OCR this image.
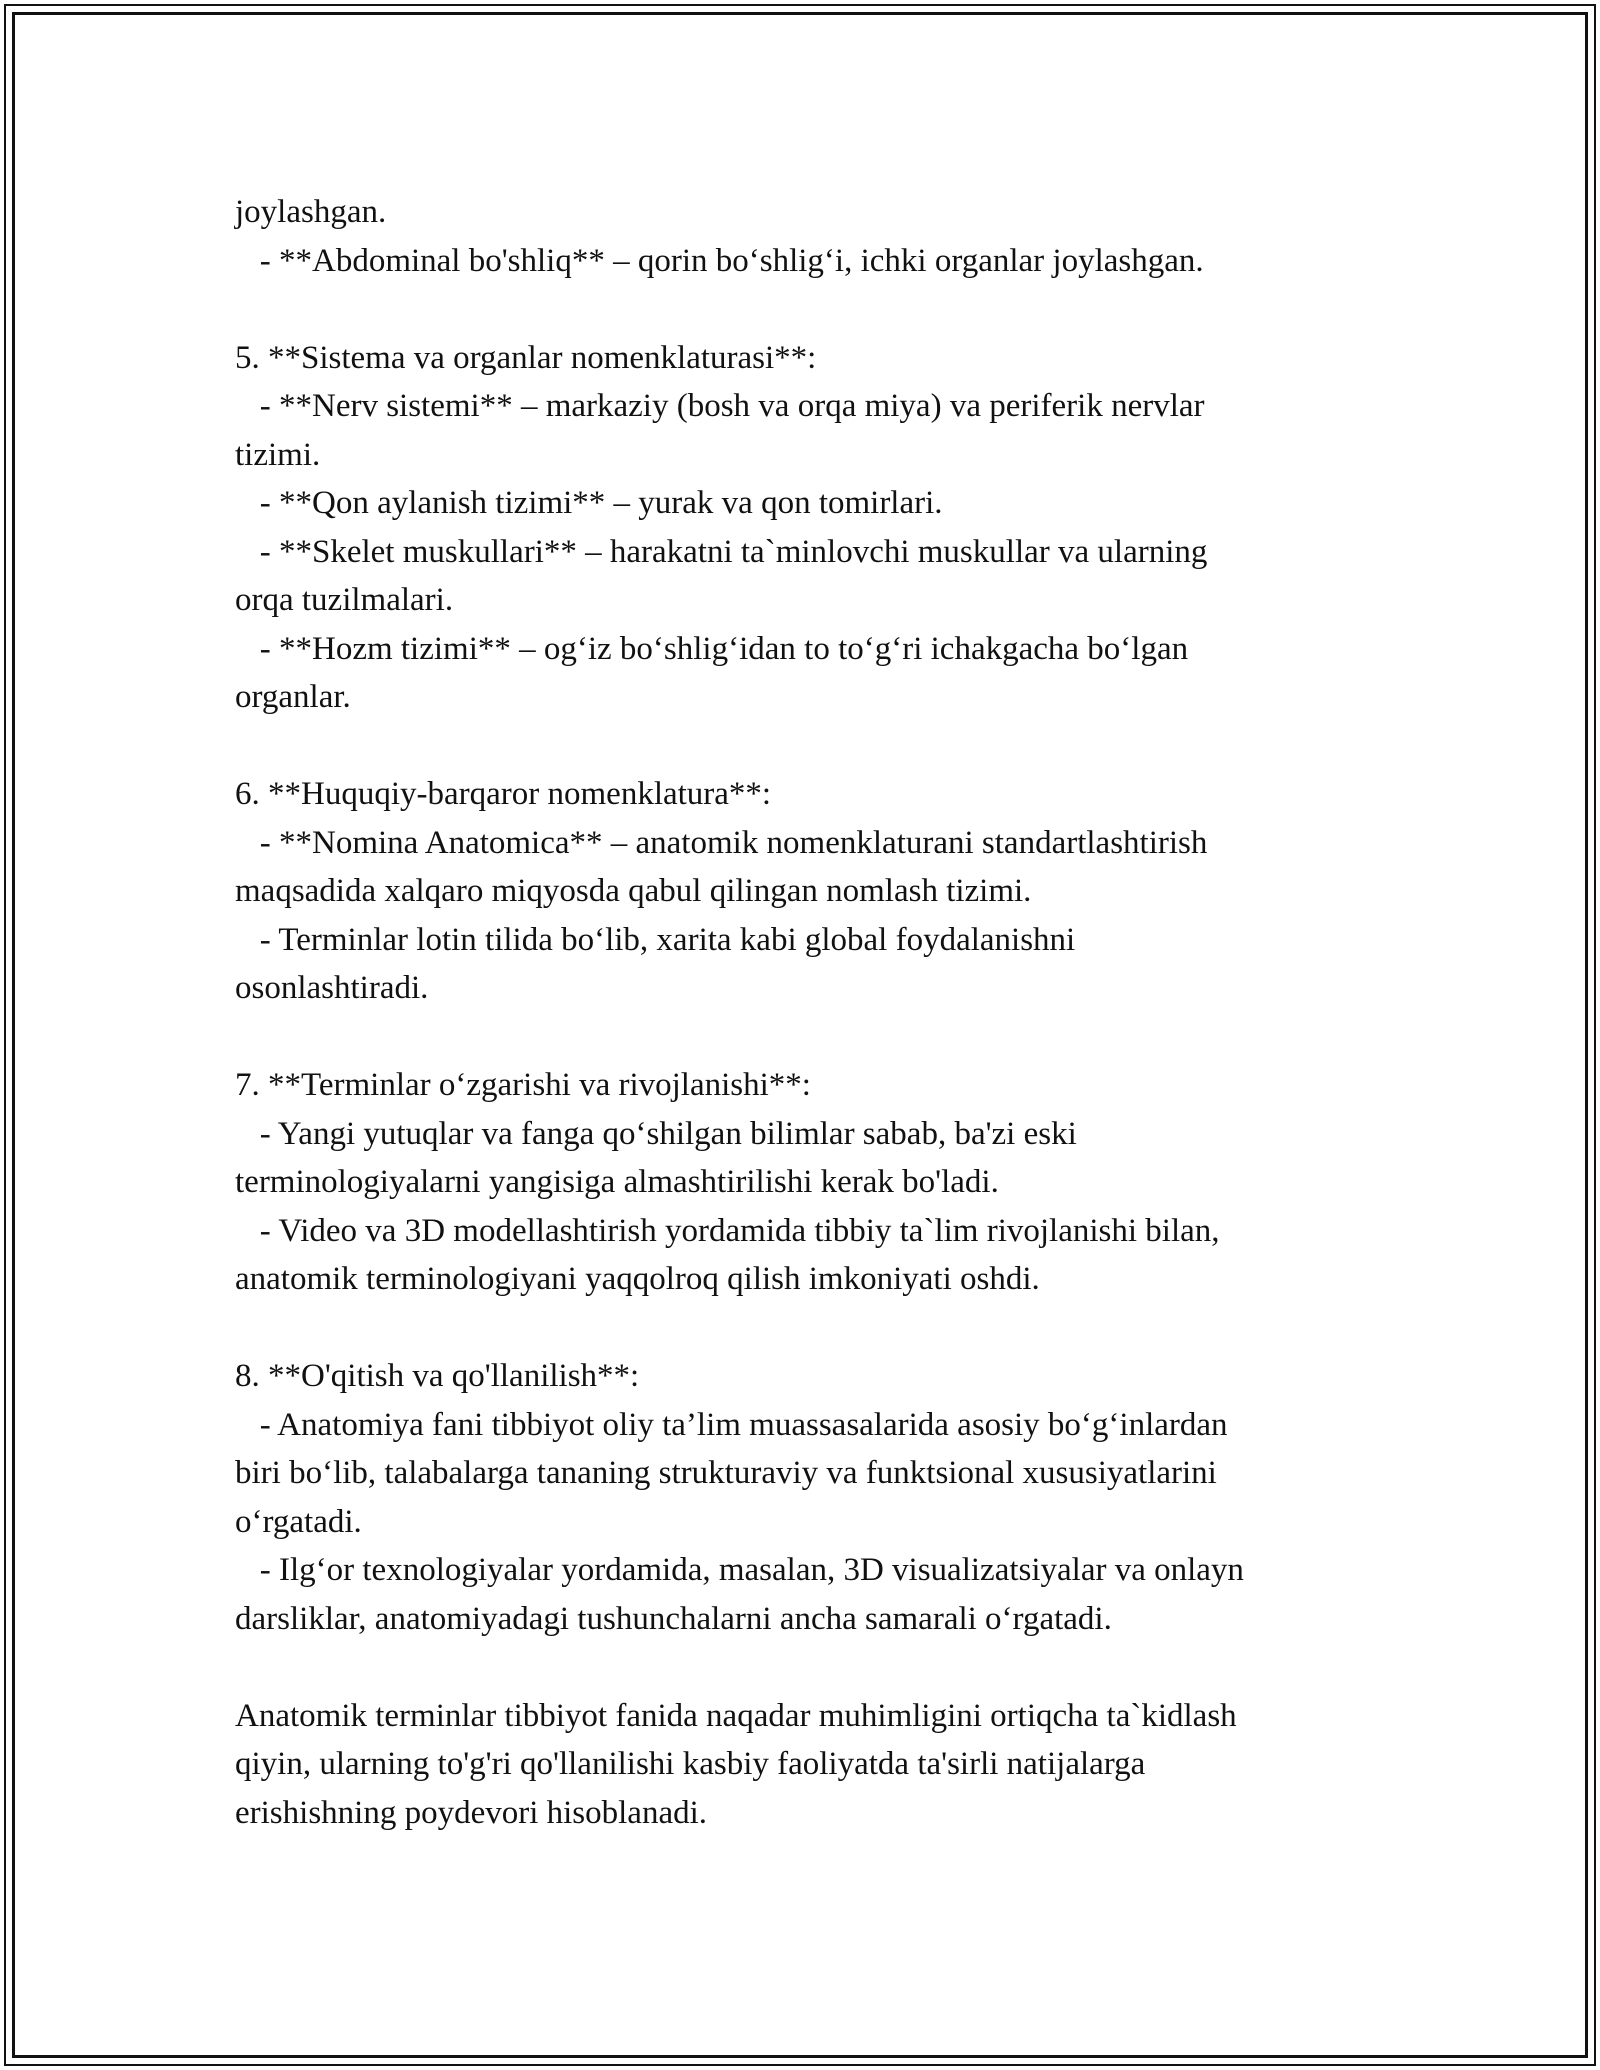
joylashgan.
- **Abdominal bo'shliq** – qorin bo‘shlig‘i, ichki organlar joylashgan.
5. **Sistema va organlar nomenklaturasi**:
- **Nerv sistemi** – markaziy (bosh va orqa miya) va periferik nervlar
tizimi.
- **Qon aylanish tizimi** – yurak va qon tomirlari.
- **Skelet muskullari** – harakatni ta`minlovchi muskullar va ularning
orqa tuzilmalari.
- **Hozm tizimi** – og‘iz bo‘shlig‘idan to to‘g‘ri ichakgacha bo‘lgan
organlar.
6. **Huquqiy-barqaror nomenklatura**:
- **Nomina Anatomica** – anatomik nomenklaturani standartlashtirish
maqsadida xalqaro miqyosda qabul qilingan nomlash tizimi.
- Terminlar lotin tilida bo‘lib, xarita kabi global foydalanishni
osonlashtiradi.
7. **Terminlar o‘zgarishi va rivojlanishi**:
- Yangi yutuqlar va fanga qo‘shilgan bilimlar sabab, ba'zi eski
terminologiyalarni yangisiga almashtirilishi kerak bo'ladi.
- Video va 3D modellashtirish yordamida tibbiy ta`lim rivojlanishi bilan,
anatomik terminologiyani yaqqolroq qilish imkoniyati oshdi.
8. **O'qitish va qo'llanilish**:
- Anatomiya fani tibbiyot oliy ta’lim muassasalarida asosiy bo‘g‘inlardan
biri bo‘lib, talabalarga tananing strukturaviy va funktsional xususiyatlarini
o‘rgatadi.
- Ilg‘or texnologiyalar yordamida, masalan, 3D visualizatsiyalar va onlayn
darsliklar, anatomiyadagi tushunchalarni ancha samarali o‘rgatadi.
Anatomik terminlar tibbiyot fanida naqadar muhimligini ortiqcha ta`kidlash
qiyin, ularning to'g'ri qo'llanilishi kasbiy faoliyatda ta'sirli natijalarga
erishishning poydevori hisoblanadi.
